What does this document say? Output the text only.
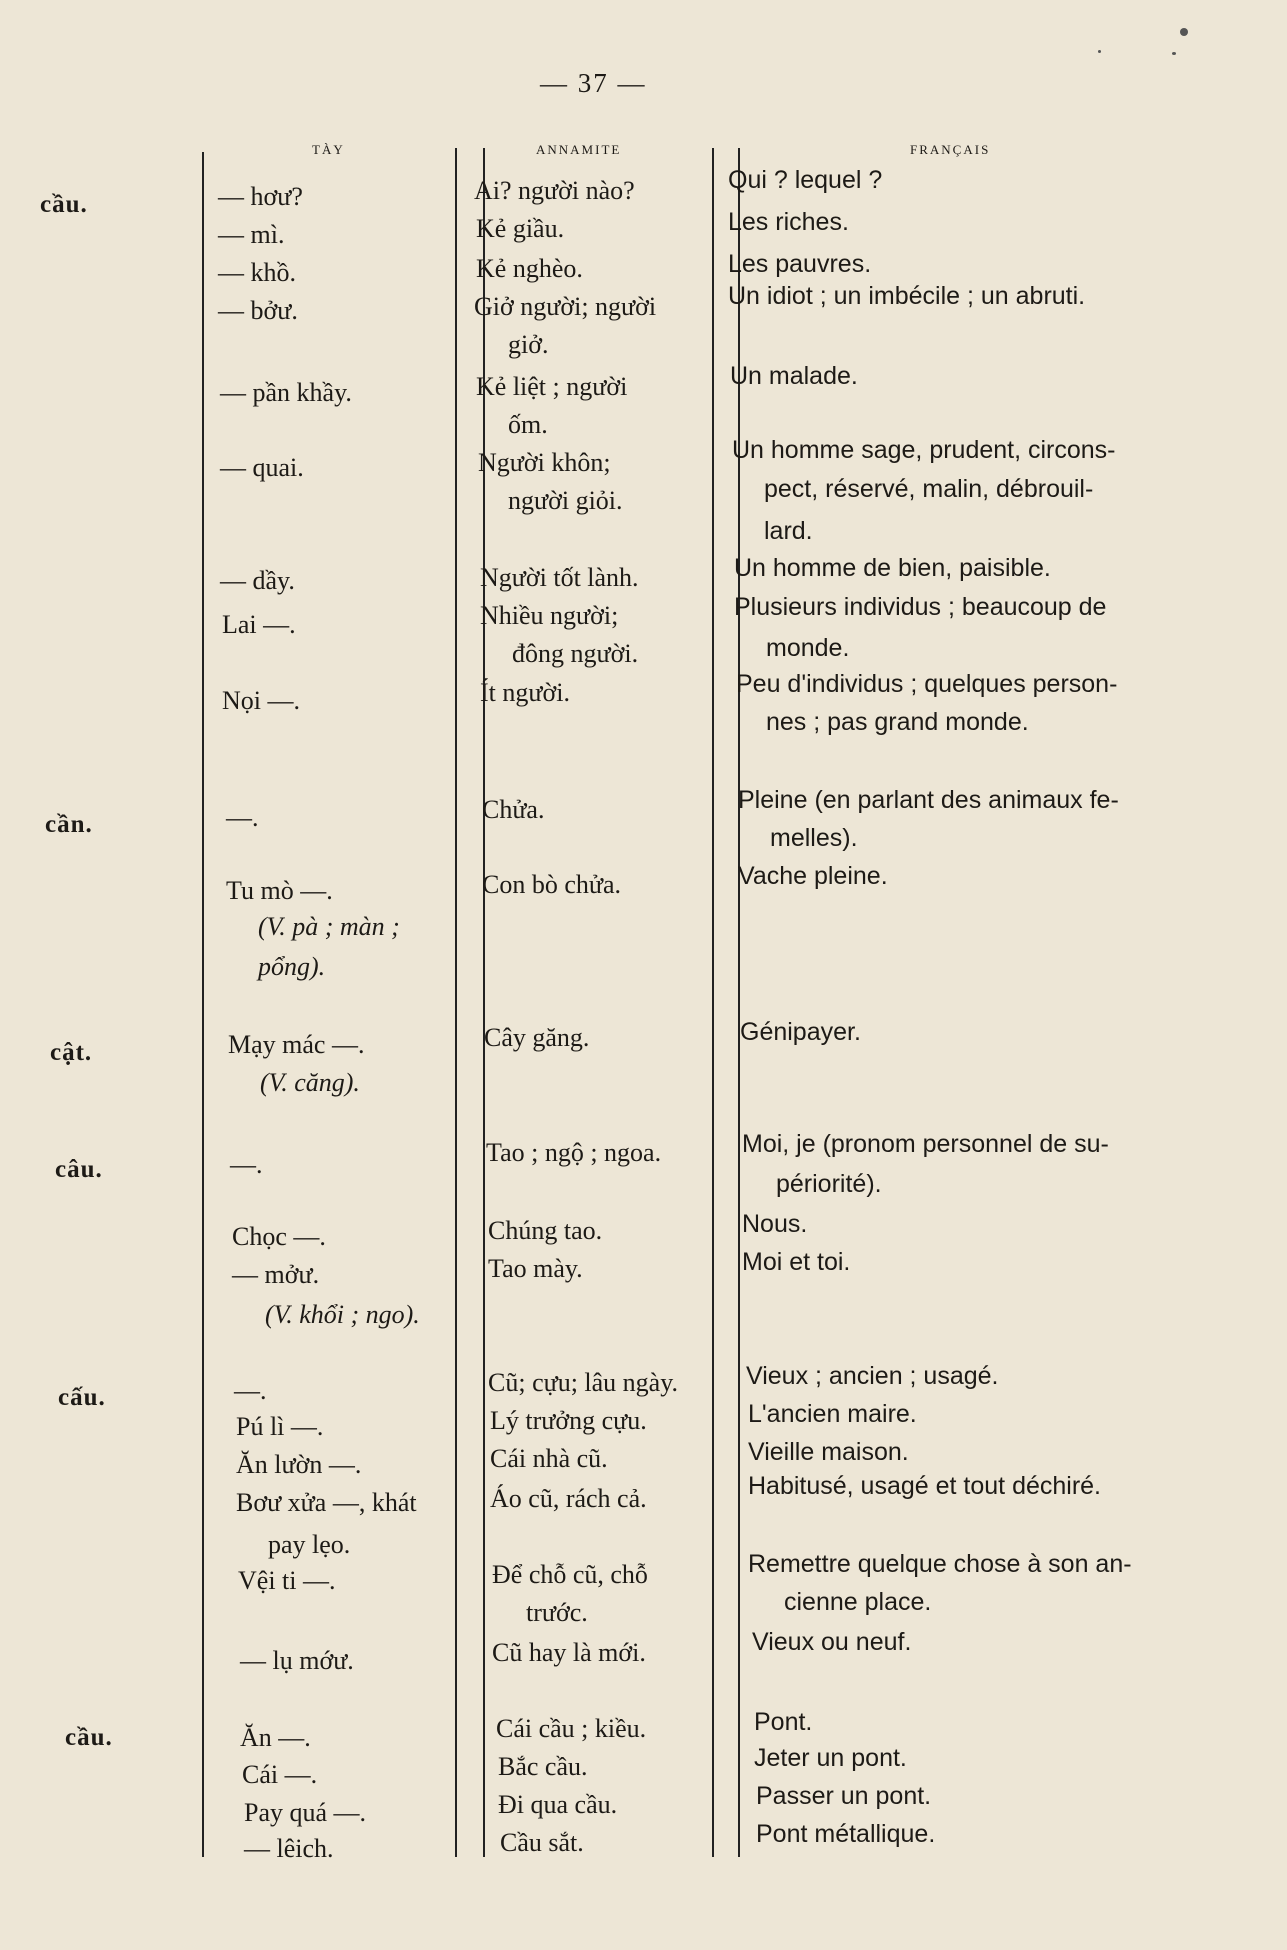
— 37 —
TÀY	ANNAMITE	FRANÇAIS
cầu.
cần.
cật.
câu.
cấu.
cầu.
— hơư?
— mì.
— khồ.
— bởư.
— pần khầy.
— quai.
— dầy.
Lai —.
Nọi —.
—.
Tu mò —.
(V. pà ; màn ;
pổng).
Mạy mác —.
(V. căng).
—.
Chọc —.
— mởư.
(V. khổi ; ngo).
—.
Pú lì —.
Ăn lườn —.
Bơư xửa —, khát
pay lẹo.
Vệi ti —.
— lụ mớư.
Ăn —.
Cái —.
Pay quá —.
— lêich.
Ai? người nào?
Kẻ giầu.
Kẻ nghèo.
Giở người; người
giở.
Kẻ liệt ; người
ốm.
Người khôn;
người giỏi.
Người tốt lành.
Nhiều người;
đông người.
Ít người.
Chửa.
Con bò chửa.
Cây găng.
Tao ; ngộ ; ngoa.
Chúng tao.
Tao mày.
Cũ; cựu; lâu ngày.
Lý trưởng cựu.
Cái nhà cũ.
Áo cũ, rách cả.
Để chỗ cũ, chỗ
trước.
Cũ hay là mới.
Cái cầu ; kiều.
Bắc cầu.
Đi qua cầu.
Cầu sắt.
Qui ? lequel ?
Les riches.
Les pauvres.
Un idiot ; un imbécile ; un abruti.
Un malade.
Un homme sage, prudent, circons-
pect, réservé, malin, débrouil-
lard.
Un homme de bien, paisible.
Plusieurs individus ; beaucoup de
monde.
Peu d'individus ; quelques person-
nes ; pas grand monde.
Pleine (en parlant des animaux fe-
melles).
Vache pleine.
Génipayer.
Moi, je (pronom personnel de su-
périorité).
Nous.
Moi et toi.
Vieux ; ancien ; usagé.
L'ancien maire.
Vieille maison.
Habitusé, usagé et tout déchiré.
Remettre quelque chose à son an-
cienne place.
Vieux ou neuf.
Pont.
Jeter un pont.
Passer un pont.
Pont métallique.
